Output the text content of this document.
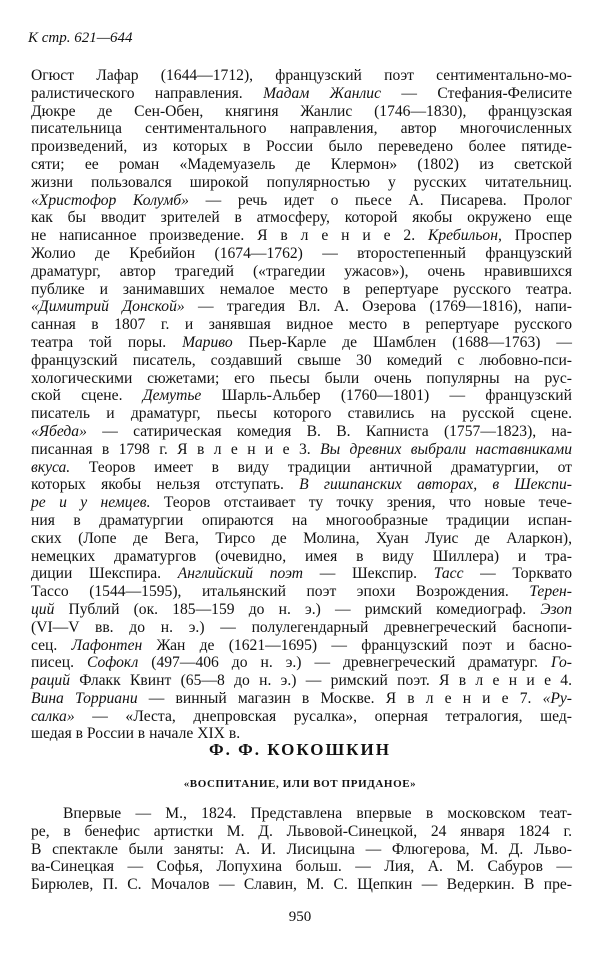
К стр. 621—644
Огюст Лафар (1644—1712), французский поэт сентиментально-мо-
ралистического направления. Мадам Жанлис — Стефания-Фелисите
Дюкре де Сен-Обен, княгиня Жанлис (1746—1830), французская
писательница сентиментального направления, автор многочисленных
произведений, из которых в России было переведено более пятиде-
сяти; ее роман «Мадемуазель де Клермон» (1802) из светской
жизни пользовался широкой популярностью у русских читательниц.
«Христофор Колумб» — речь идет о пьесе А. Писарева. Пролог
как бы вводит зрителей в атмосферу, которой якобы окружено еще
не написанное произведение. Я в л е н и е 2. Кребильон, Проспер
Жолио де Кребийон (1674—1762) — второстепенный французский
драматург, автор трагедий («трагедии ужасов»), очень нравившихся
публике и занимавших немалое место в репертуаре русского театра.
«Димитрий Донской» — трагедия Вл. А. Озерова (1769—1816), напи-
санная в 1807 г. и занявшая видное место в репертуаре русского
театра той поры. Мариво Пьер-Карле де Шамблен (1688—1763) —
французский писатель, создавший свыше 30 комедий с любовно-пси-
хологическими сюжетами; его пьесы были очень популярны на рус-
ской сцене. Демутье Шарль-Альбер (1760—1801) — французский
писатель и драматург, пьесы которого ставились на русской сцене.
«Ябеда» — сатирическая комедия В. В. Капниста (1757—1823), на-
писанная в 1798 г. Я в л е н и е 3. Вы древних выбрали наставниками
вкуса. Теоров имеет в виду традиции античной драматургии, от
которых якобы нельзя отступать. В гишпанских авторах, в Шекспи-
ре и у немцев. Теоров отстаивает ту точку зрения, что новые тече-
ния в драматургии опираются на многообразные традиции испан-
ских (Лопе де Вега, Тирсо де Молина, Хуан Луис де Аларкон),
немецких драматургов (очевидно, имея в виду Шиллера) и тра-
диции Шекспира. Английский поэт — Шекспир. Тасс — Торквато
Тассо (1544—1595), итальянский поэт эпохи Возрождения. Терен-
ций Публий (ок. 185—159 до н. э.) — римский комедиограф. Эзоп
(VI—V вв. до н. э.) — полулегендарный древнегреческий баснопи-
сец. Лафонтен Жан де (1621—1695) — французский поэт и басно-
писец. Софокл (497—406 до н. э.) — древнегреческий драматург. Го-
раций Флакк Квинт (65—8 до н. э.) — римский поэт. Я в л е н и е 4.
Вина Торриани — винный магазин в Москве. Я в л е н и е 7. «Ру-
салка» — «Леста, днепровская русалка», оперная тетралогия, шед-
шедая в России в начале XIX в.
Ф. Ф. КОКОШКИН
«ВОСПИТАНИЕ, ИЛИ ВОТ ПРИДАНОЕ»
Впервые — М., 1824. Представлена впервые в московском теат-
ре, в бенефис артистки М. Д. Львовой-Синецкой, 24 января 1824 г.
В спектакле были заняты: А. И. Лисицына — Флюгерова, М. Д. Льво-
ва-Синецкая — Софья, Лопухина больш. — Лия, А. М. Сабуров —
Бирюлев, П. С. Мочалов — Славин, М. С. Щепкин — Ведеркин. В пре-
950
